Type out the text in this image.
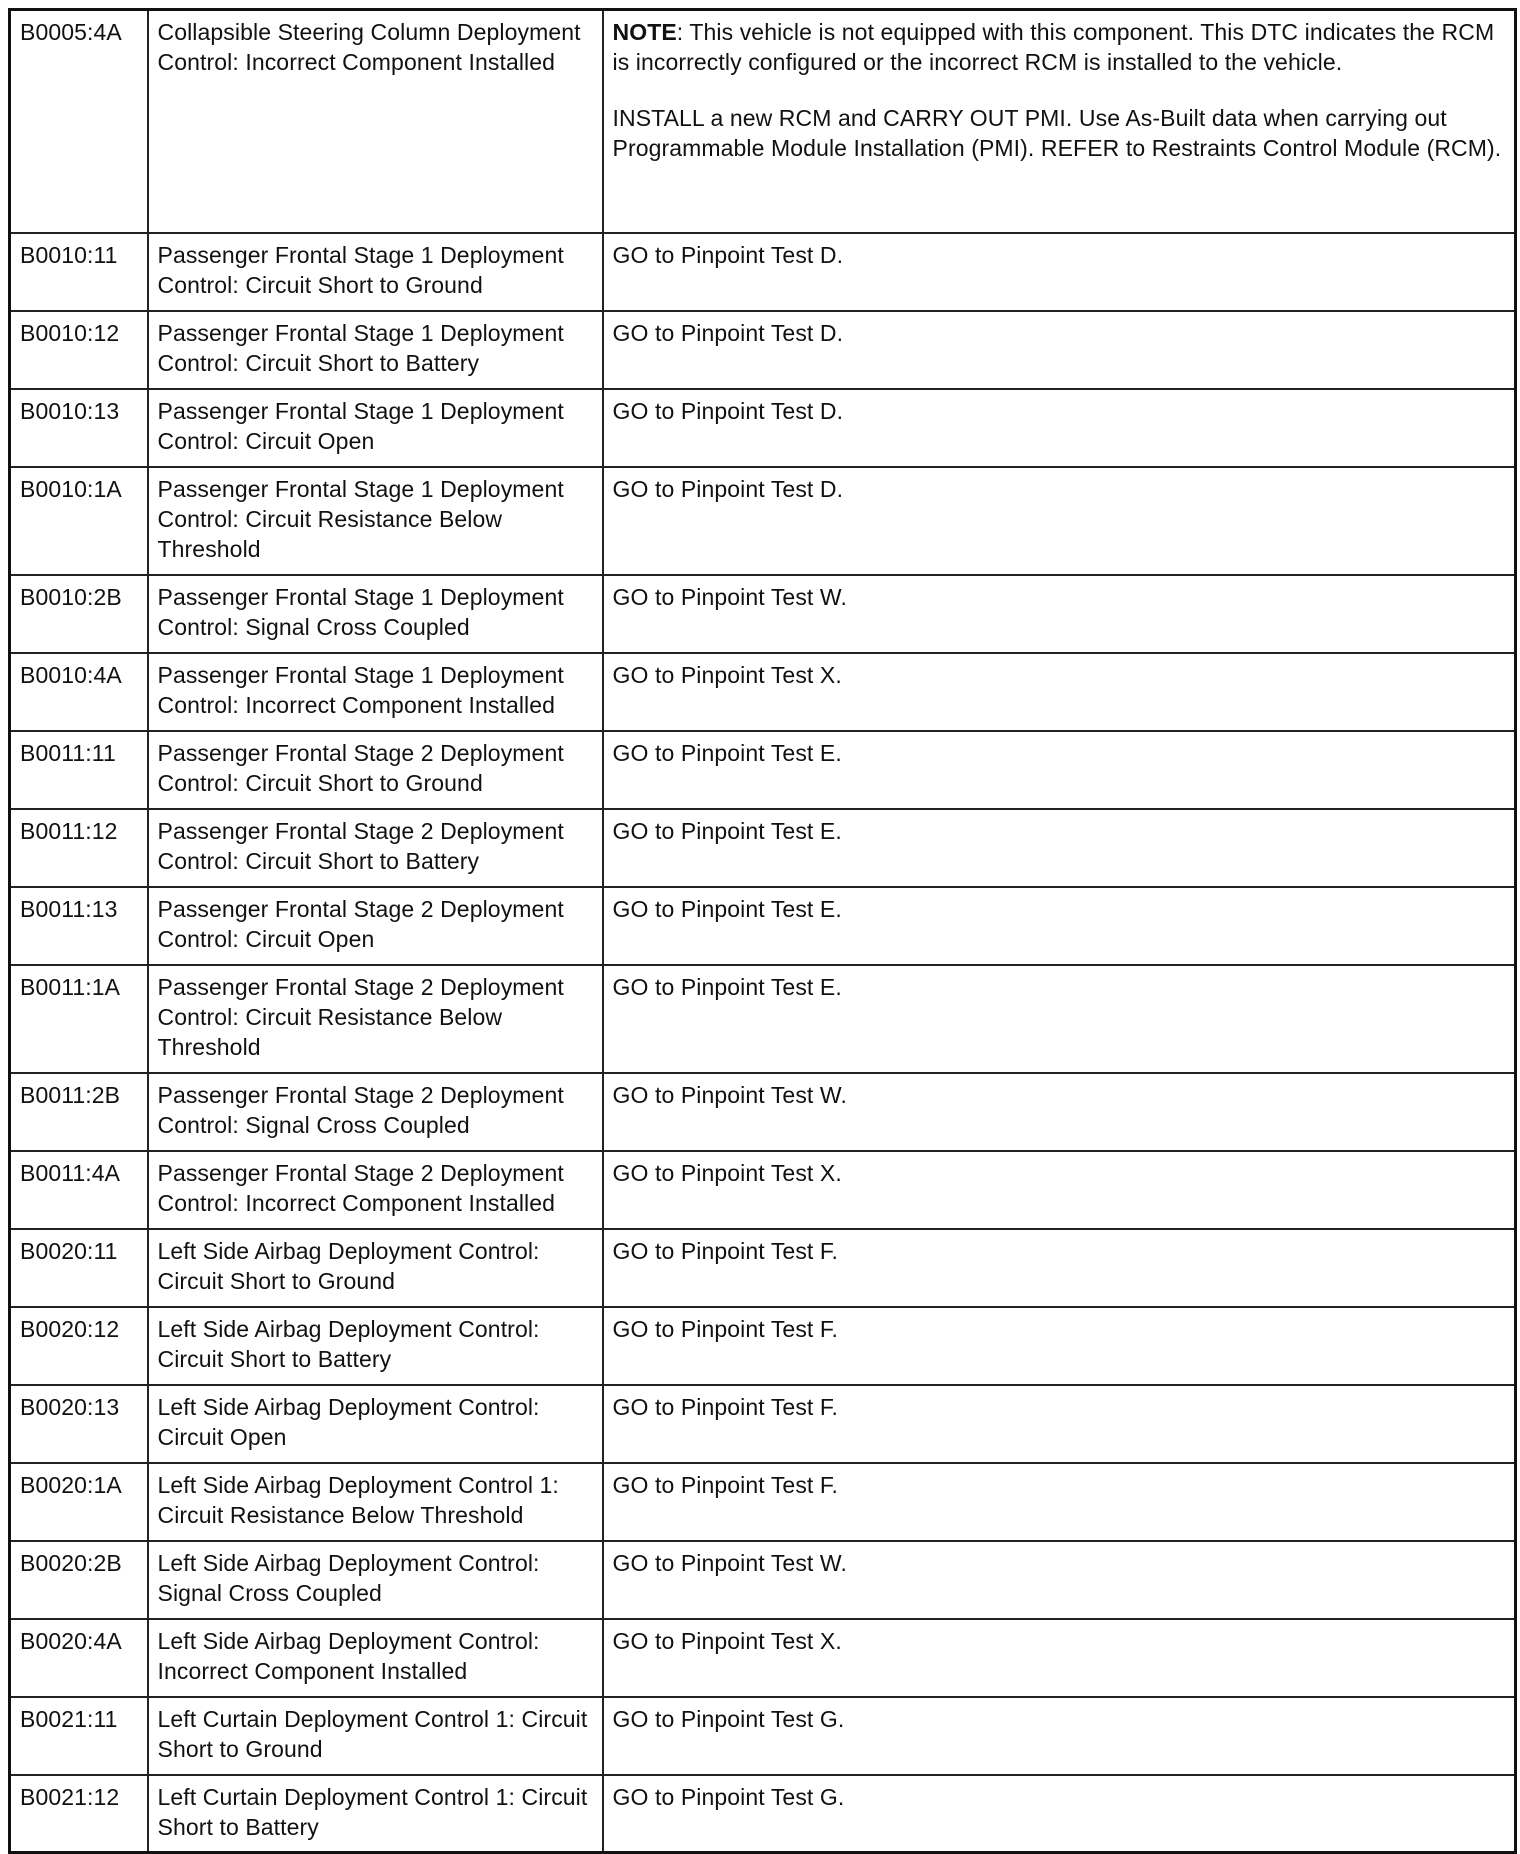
B0005:4A	Collapsible Steering Column Deployment Control: Incorrect Component Installed	NOTE: This vehicle is not equipped with this component. This DTC indicates the RCM is incorrectly configured or the incorrect RCM is installed to the vehicle.

INSTALL a new RCM and CARRY OUT PMI. Use As-Built data when carrying out Programmable Module Installation (PMI). REFER to Restraints Control Module (RCM).

B0010:11	Passenger Frontal Stage 1 Deployment Control: Circuit Short to Ground	GO to Pinpoint Test D.
B0010:12	Passenger Frontal Stage 1 Deployment Control: Circuit Short to Battery	GO to Pinpoint Test D.
B0010:13	Passenger Frontal Stage 1 Deployment Control: Circuit Open	GO to Pinpoint Test D.
B0010:1A	Passenger Frontal Stage 1 Deployment Control: Circuit Resistance Below Threshold	GO to Pinpoint Test D.
B0010:2B	Passenger Frontal Stage 1 Deployment Control: Signal Cross Coupled	GO to Pinpoint Test W.
B0010:4A	Passenger Frontal Stage 1 Deployment Control: Incorrect Component Installed	GO to Pinpoint Test X.
B0011:11	Passenger Frontal Stage 2 Deployment Control: Circuit Short to Ground	GO to Pinpoint Test E.
B0011:12	Passenger Frontal Stage 2 Deployment Control: Circuit Short to Battery	GO to Pinpoint Test E.
B0011:13	Passenger Frontal Stage 2 Deployment Control: Circuit Open	GO to Pinpoint Test E.
B0011:1A	Passenger Frontal Stage 2 Deployment Control: Circuit Resistance Below Threshold	GO to Pinpoint Test E.
B0011:2B	Passenger Frontal Stage 2 Deployment Control: Signal Cross Coupled	GO to Pinpoint Test W.
B0011:4A	Passenger Frontal Stage 2 Deployment Control: Incorrect Component Installed	GO to Pinpoint Test X.
B0020:11	Left Side Airbag Deployment Control: Circuit Short to Ground	GO to Pinpoint Test F.
B0020:12	Left Side Airbag Deployment Control: Circuit Short to Battery	GO to Pinpoint Test F.
B0020:13	Left Side Airbag Deployment Control: Circuit Open	GO to Pinpoint Test F.
B0020:1A	Left Side Airbag Deployment Control 1: Circuit Resistance Below Threshold	GO to Pinpoint Test F.
B0020:2B	Left Side Airbag Deployment Control: Signal Cross Coupled	GO to Pinpoint Test W.
B0020:4A	Left Side Airbag Deployment Control: Incorrect Component Installed	GO to Pinpoint Test X.
B0021:11	Left Curtain Deployment Control 1: Circuit Short to Ground	GO to Pinpoint Test G.
B0021:12	Left Curtain Deployment Control 1: Circuit Short to Battery	GO to Pinpoint Test G.
